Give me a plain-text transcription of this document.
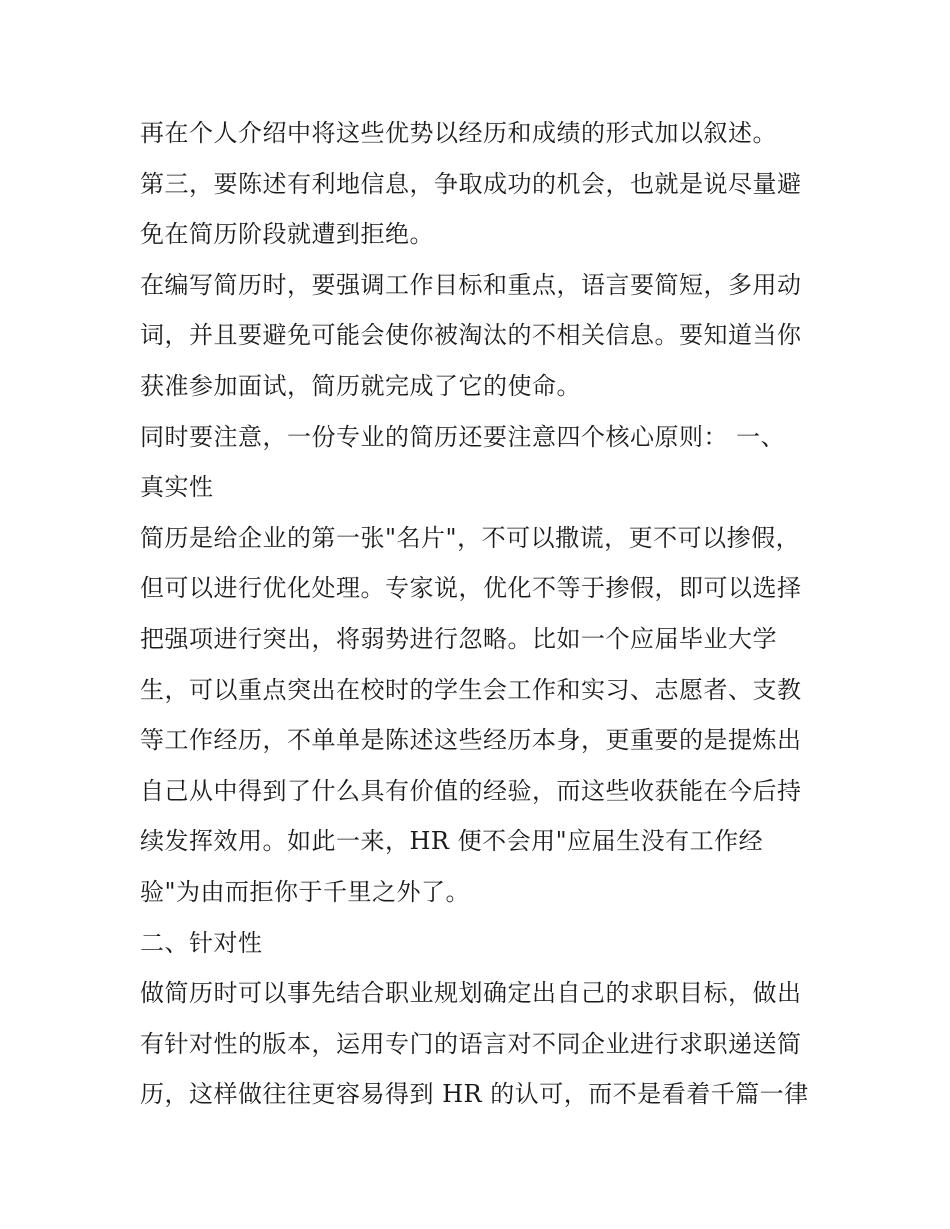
再在个人介绍中将这些优势以经历和成绩的形式加以叙述。
第三，要陈述有利地信息，争取成功的机会，也就是说尽量避
免在简历阶段就遭到拒绝。
在编写简历时，要强调工作目标和重点，语言要简短，多用动
词，并且要避免可能会使你被淘汰的不相关信息。要知道当你
获准参加面试，简历就完成了它的使命。
同时要注意，一份专业的简历还要注意四个核心原则： 一、
真实性
简历是给企业的第一张"名片"，不可以撒谎，更不可以掺假，
但可以进行优化处理。专家说，优化不等于掺假，即可以选择
把强项进行突出，将弱势进行忽略。比如一个应届毕业大学
生，可以重点突出在校时的学生会工作和实习、志愿者、支教
等工作经历，不单单是陈述这些经历本身，更重要的是提炼出
自己从中得到了什么具有价值的经验，而这些收获能在今后持
续发挥效用。如此一来，HR 便不会用"应届生没有工作经
验"为由而拒你于千里之外了。
二、针对性
做简历时可以事先结合职业规划确定出自己的求职目标，做出
有针对性的版本，运用专门的语言对不同企业进行求职递送简
历，这样做往往更容易得到 HR 的认可，而不是看着千篇一律
